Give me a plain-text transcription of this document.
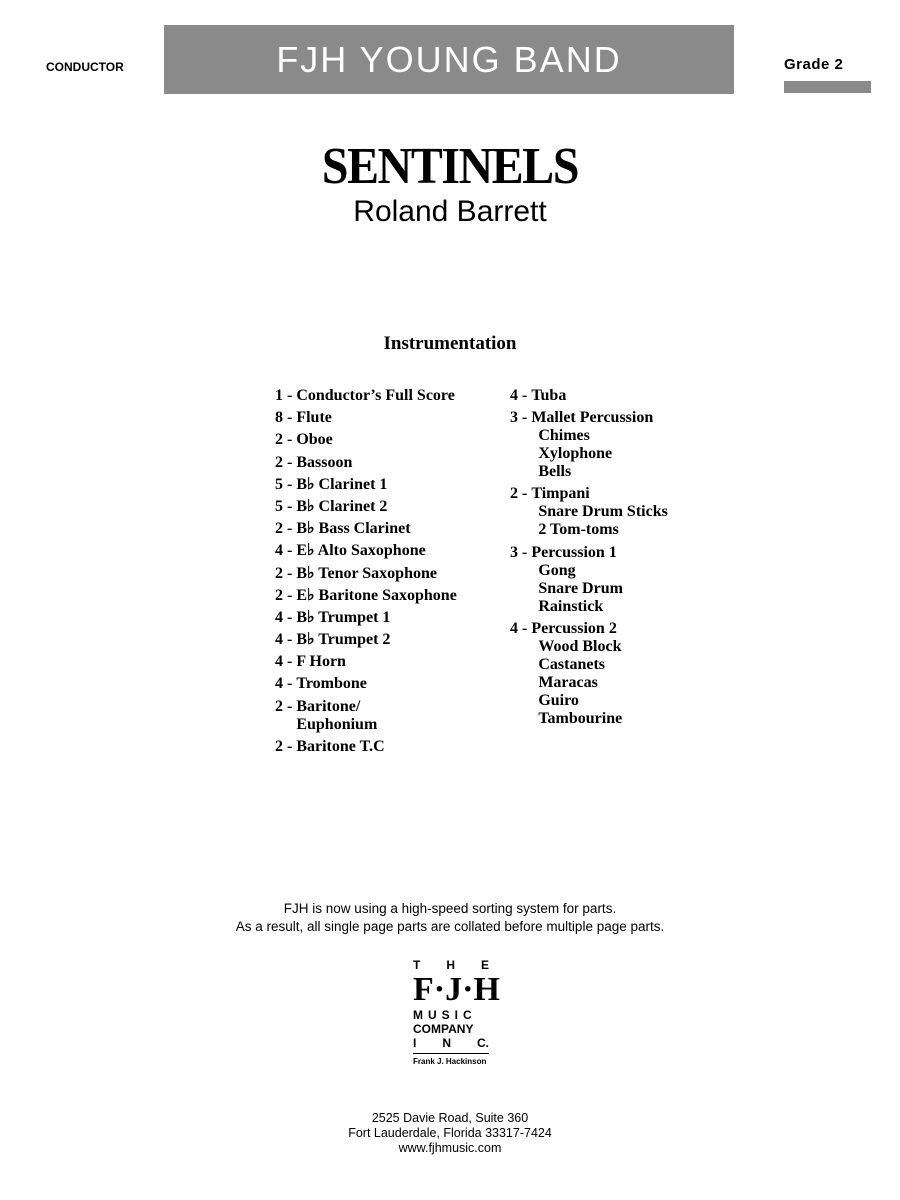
CONDUCTOR	FJH YOUNG BAND	Grade 2
SENTINELS
Roland Barrett
Instrumentation
1 - Conductor’s Full Score
8 - Flute
2 - Oboe
2 - Bassoon
5 - B♭ Clarinet 1
5 - B♭ Clarinet 2
2 - B♭ Bass Clarinet
4 - E♭ Alto Saxophone
2 - B♭ Tenor Saxophone
2 - E♭ Baritone Saxophone
4 - B♭ Trumpet 1
4 - B♭ Trumpet 2
4 - F Horn
4 - Trombone
2 - Baritone/
Euphonium
2 - Baritone T.C
4 - Tuba
3 - Mallet Percussion
Chimes
Xylophone
Bells
2 - Timpani
Snare Drum Sticks
2 Tom-toms
3 - Percussion 1
Gong
Snare Drum
Rainstick
4 - Percussion 2
Wood Block
Castanets
Maracas
Guiro
Tambourine
FJH is now using a high-speed sorting system for parts.
As a result, all single page parts are collated before multiple page parts.
T H E
F · J · H
MUSIC
COMPANY
I N C.
Frank J. Hackinson
2525 Davie Road, Suite 360
Fort Lauderdale, Florida 33317-7424
www.fjhmusic.com
